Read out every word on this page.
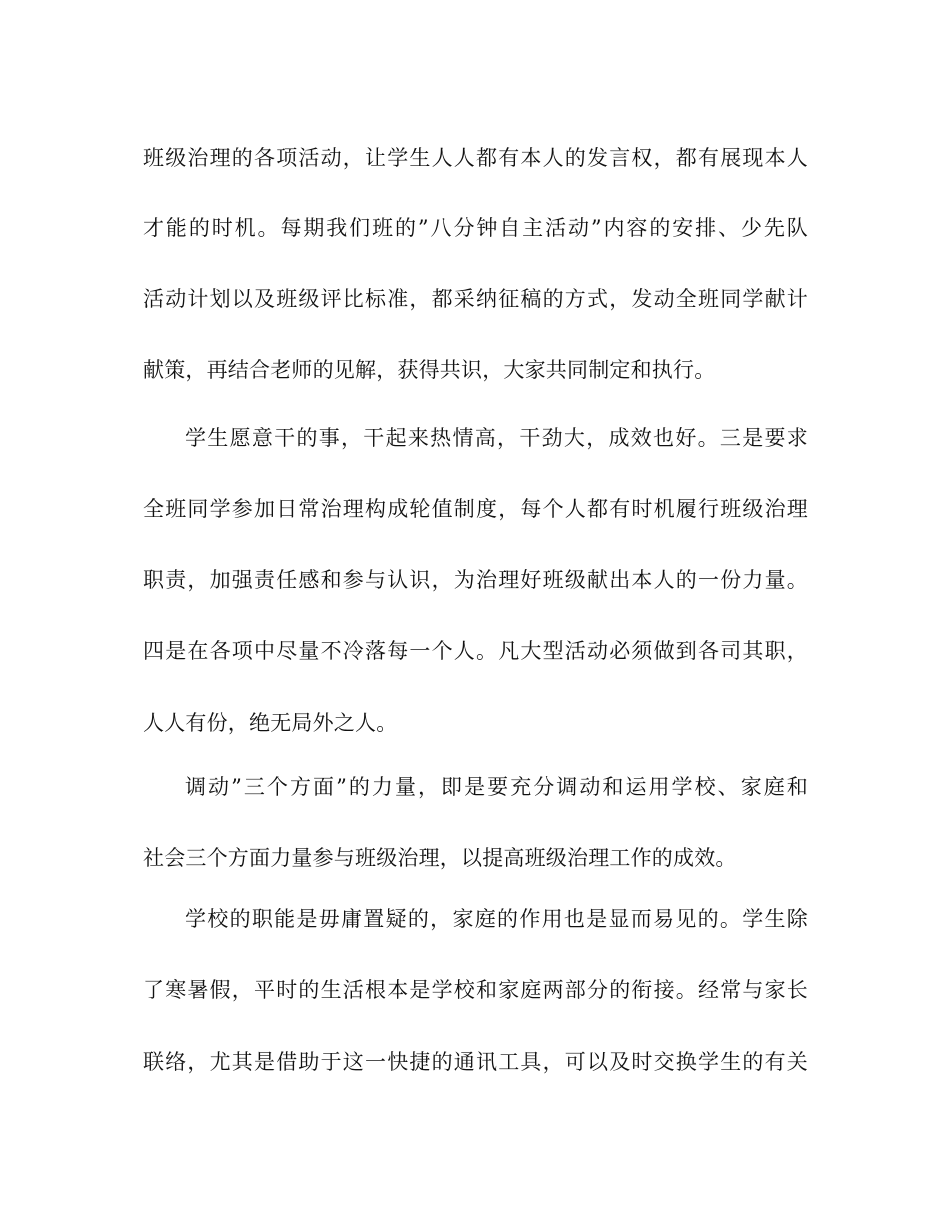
班级治理的各项活动，让学生人人都有本人的发言权，都有展现本人
才能的时机。每期我们班的”八分钟自主活动”内容的安排、少先队
活动计划以及班级评比标准，都采纳征稿的方式，发动全班同学献计
献策，再结合老师的见解，获得共识，大家共同制定和执行。
学生愿意干的事，干起来热情高，干劲大，成效也好。三是要求
全班同学参加日常治理构成轮值制度，每个人都有时机履行班级治理
职责，加强责任感和参与认识，为治理好班级献出本人的一份力量。
四是在各项中尽量不冷落每一个人。凡大型活动必须做到各司其职，
人人有份，绝无局外之人。
调动”三个方面”的力量，即是要充分调动和运用学校、家庭和
社会三个方面力量参与班级治理，以提高班级治理工作的成效。
学校的职能是毋庸置疑的，家庭的作用也是显而易见的。学生除
了寒暑假，平时的生活根本是学校和家庭两部分的衔接。经常与家长
联络，尤其是借助于这一快捷的通讯工具，可以及时交换学生的有关
